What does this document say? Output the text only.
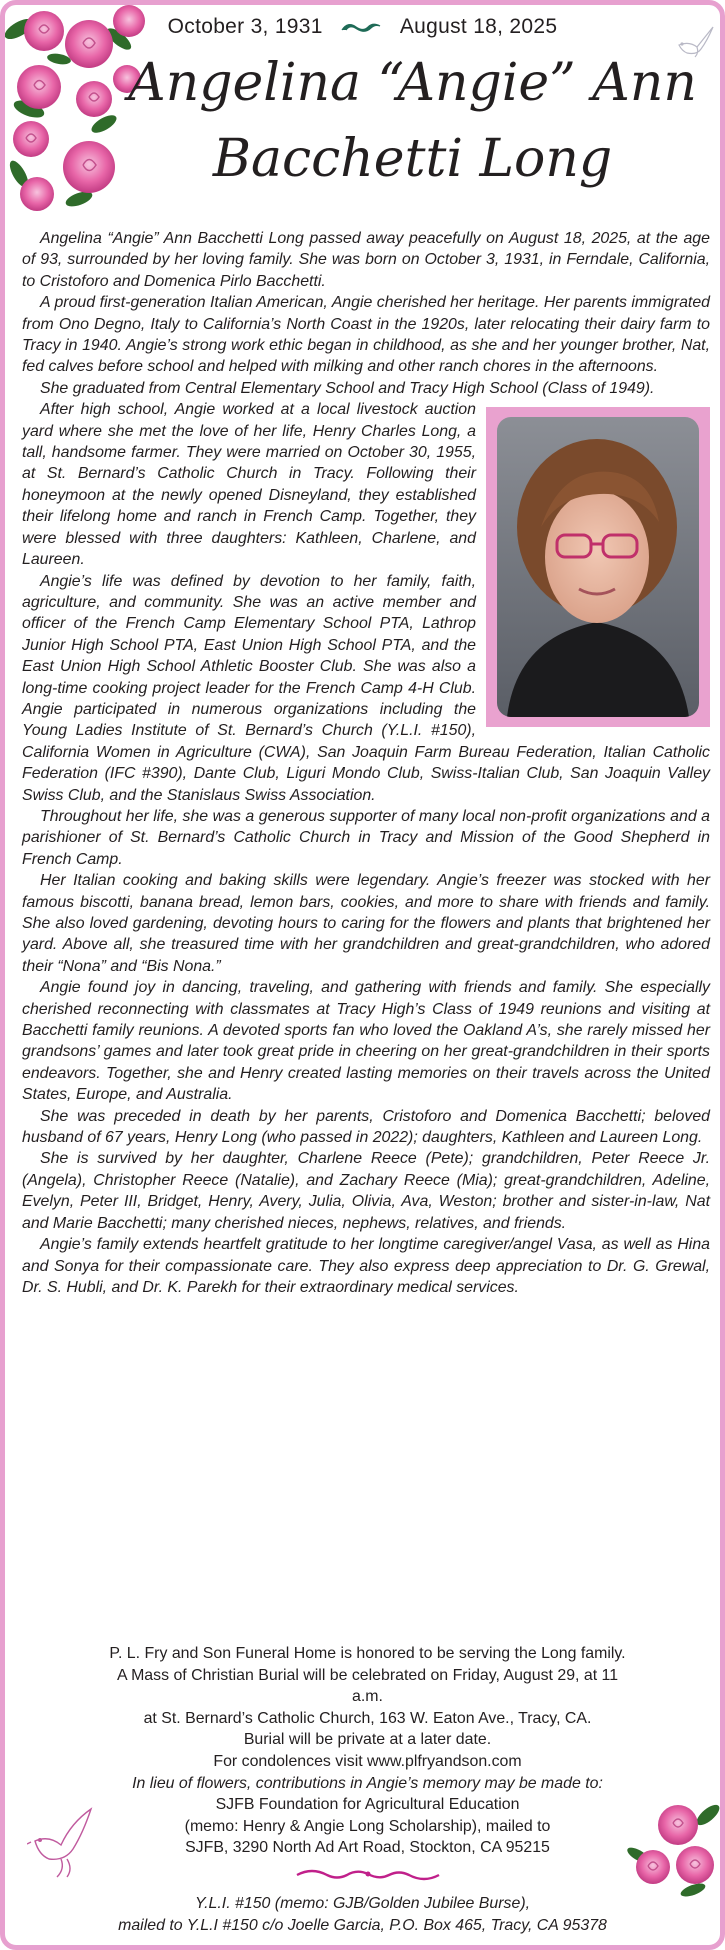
October 3, 1931	August 18, 2025
Angelina “Angie” Ann
Bacchetti Long

Angelina “Angie” Ann Bacchetti Long passed away peacefully on August 18, 2025, at the age of 93, surrounded by her loving family. She was born on October 3, 1931, in Ferndale, California, to Cristoforo and Domenica Pirlo Bacchetti.

A proud first-generation Italian American, Angie cherished her heritage. Her parents immigrated from Ono Degno, Italy to California’s North Coast in the 1920s, later relocating their dairy farm to Tracy in 1940. Angie’s strong work ethic began in childhood, as she and her younger brother, Nat, fed calves before school and helped with milking and other ranch chores in the afternoons.

She graduated from Central Elementary School and Tracy High School (Class of 1949).

After high school, Angie worked at a local livestock auction yard where she met the love of her life, Henry Charles Long, a tall, handsome farmer. They were married on October 30, 1955, at St. Bernard’s Catholic Church in Tracy. Following their honeymoon at the newly opened Disneyland, they established their lifelong home and ranch in French Camp. Together, they were blessed with three daughters: Kathleen, Charlene, and Laureen.

Angie’s life was defined by devotion to her family, faith, agriculture, and community. She was an active member and officer of the French Camp Elementary School PTA, Lathrop Junior High School PTA, East Union High School PTA, and the East Union High School Athletic Booster Club. She was also a long-time cooking project leader for the French Camp 4-H Club. Angie participated in numerous organizations including the Young Ladies Institute of St. Bernard’s Church (Y.L.I. #150), California Women in Agriculture (CWA), San Joaquin Farm Bureau Federation, Italian Catholic Federation (IFC #390), Dante Club, Liguri Mondo Club, Swiss-Italian Club, San Joaquin Valley Swiss Club, and the Stanislaus Swiss Association.

Throughout her life, she was a generous supporter of many local non-profit organizations and a parishioner of St. Bernard’s Catholic Church in Tracy and Mission of the Good Shepherd in French Camp.

Her Italian cooking and baking skills were legendary. Angie’s freezer was stocked with her famous biscotti, banana bread, lemon bars, cookies, and more to share with friends and family. She also loved gardening, devoting hours to caring for the flowers and plants that brightened her yard. Above all, she treasured time with her grandchildren and great-grandchildren, who adored their “Nona” and “Bis Nona.”

Angie found joy in dancing, traveling, and gathering with friends and family. She especially cherished reconnecting with classmates at Tracy High’s Class of 1949 reunions and visiting at Bacchetti family reunions. A devoted sports fan who loved the Oakland A’s, she rarely missed her grandsons’ games and later took great pride in cheering on her great-grandchildren in their sports endeavors. Together, she and Henry created lasting memories on their travels across the United States, Europe, and Australia.

She was preceded in death by her parents, Cristoforo and Domenica Bacchetti; beloved husband of 67 years, Henry Long (who passed in 2022); daughters, Kathleen and Laureen Long.

She is survived by her daughter, Charlene Reece (Pete); grandchildren, Peter Reece Jr. (Angela), Christopher Reece (Natalie), and Zachary Reece (Mia); great-grandchildren, Adeline, Evelyn, Peter III, Bridget, Henry, Avery, Julia, Olivia, Ava, Weston; brother and sister-in-law, Nat and Marie Bacchetti; many cherished nieces, nephews, relatives, and friends.

Angie’s family extends heartfelt gratitude to her longtime caregiver/angel Vasa, as well as Hina and Sonya for their compassionate care. They also express deep appreciation to Dr. G. Grewal, Dr. S. Hubli, and Dr. K. Parekh for their extraordinary medical services.

P. L. Fry and Son Funeral Home is honored to be serving the Long family.
A Mass of Christian Burial will be celebrated on Friday, August 29, at 11 a.m.
at St. Bernard’s Catholic Church, 163 W. Eaton Ave., Tracy, CA.
Burial will be private at a later date.
For condolences visit www.plfryandson.com
In lieu of flowers, contributions in Angie’s memory may be made to:
SJFB Foundation for Agricultural Education
(memo: Henry & Angie Long Scholarship), mailed to
SJFB, 3290 North Ad Art Road, Stockton, CA 95215
Y.L.I. #150 (memo: GJB/Golden Jubilee Burse),
mailed to Y.L.I #150 c/o Joelle Garcia, P.O. Box 465, Tracy, CA 95378
